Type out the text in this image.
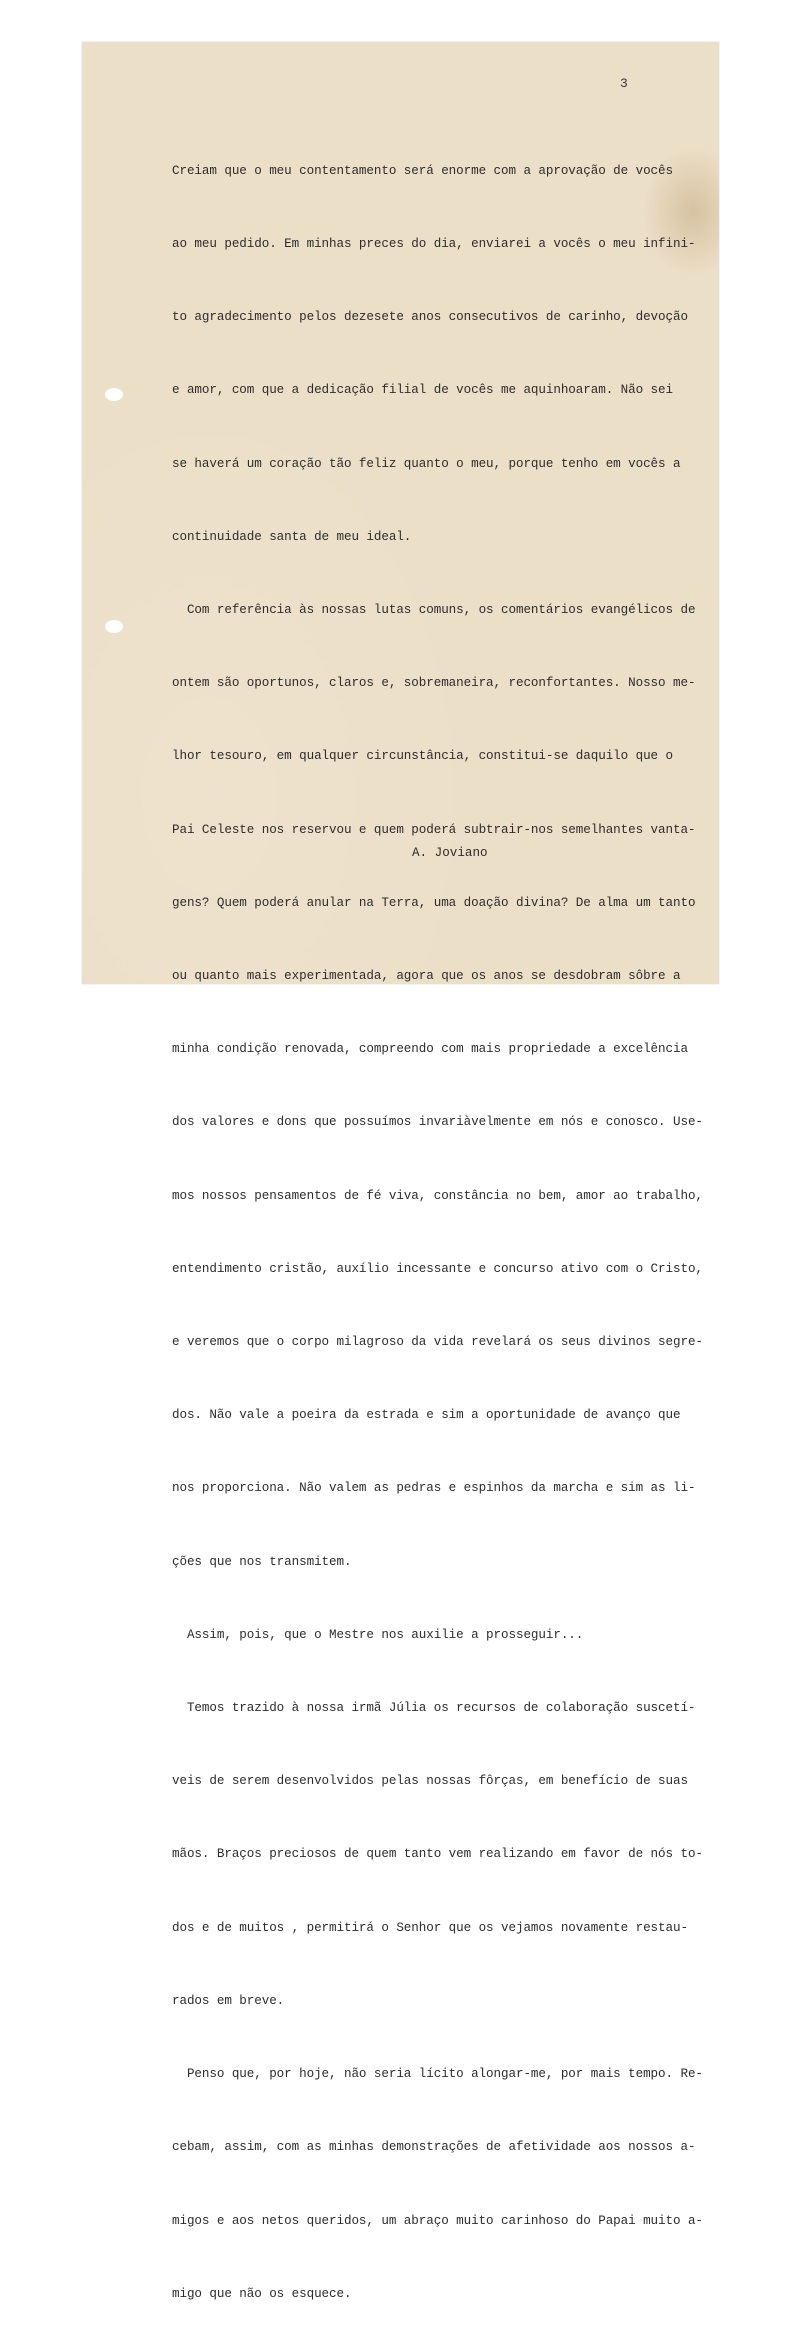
3

Creiam que o meu contentamento será enorme com a aprovação de vocês

ao meu pedido. Em minhas preces do dia, enviarei a vocês o meu infini-

to agradecimento pelos dezesete anos consecutivos de carinho, devoção

e amor, com que a dedicação filial de vocês me aquinhoaram. Não sei

se haverá um coração tão feliz quanto o meu, porque tenho em vocês a

continuidade santa de meu ideal.

Com referência às nossas lutas comuns, os comentários evangélicos de

ontem são oportunos, claros e, sobremaneira, reconfortantes. Nosso me-

lhor tesouro, em qualquer circunstância, constitui-se daquilo que o

Pai Celeste nos reservou e quem poderá subtrair-nos semelhantes vanta-

gens? Quem poderá anular na Terra, uma doação divina? De alma um tanto

ou quanto mais experimentada, agora que os anos se desdobram sôbre a

minha condição renovada, compreendo com mais propriedade a excelência

dos valores e dons que possuímos invariàvelmente em nós e conosco. Use-

mos nossos pensamentos de fé viva, constância no bem, amor ao trabalho,

entendimento cristão, auxílio incessante e concurso ativo com o Cristo,

e veremos que o corpo milagroso da vida revelará os seus divinos segre-

dos. Não vale a poeira da estrada e sim a oportunidade de avanço que

nos proporciona. Não valem as pedras e espinhos da marcha e sim as li-

ções que nos transmitem.

Assim, pois, que o Mestre nos auxilie a prosseguir...

Temos trazido à nossa irmã Júlia os recursos de colaboração suscetí-

veis de serem desenvolvidos pelas nossas fôrças, em benefício de suas

mãos. Braços preciosos de quem tanto vem realizando em favor de nós to-

dos e de muitos , permitirá o Senhor que os vejamos novamente restau-

rados em breve.

Penso que, por hoje, não seria lícito alongar-me, por mais tempo. Re-

cebam, assim, com as minhas demonstrações de afetividade aos nossos a-

migos e aos netos queridos, um abraço muito carinhoso do Papai muito a-

migo que não os esquece.

A. Joviano
